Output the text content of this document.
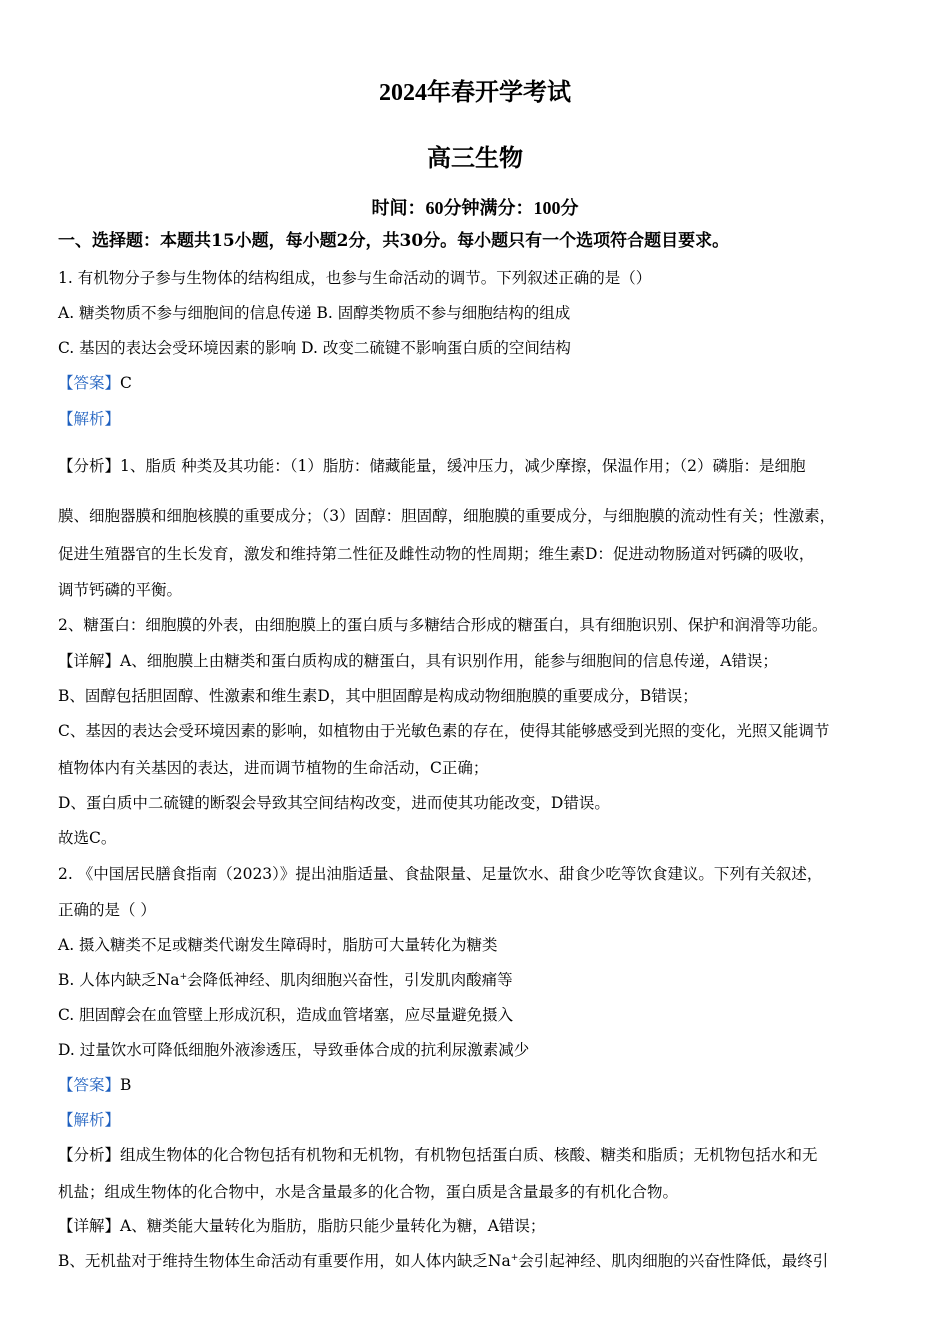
2024年春开学考试
高三生物
时间：60分钟满分：100分
一、选择题：本题共15小题，每小题2分，共30分。每小题只有一个选项符合题目要求。
1. 有机物分子参与生物体的结构组成，也参与生命活动的调节。下列叙述正确的是（）
A. 糖类物质不参与细胞间的信息传递 B. 固醇类物质不参与细胞结构的组成
C. 基因的表达会受环境因素的影响 D. 改变二硫键不影响蛋白质的空间结构
【答案】C
【解析】
【分析】1、脂质 种类及其功能：（1）脂肪：储藏能量，缓冲压力，减少摩擦，保温作用；（2）磷脂：是细胞
膜、细胞器膜和细胞核膜的重要成分；（3）固醇：胆固醇，细胞膜的重要成分，与细胞膜的流动性有关；性激素，
促进生殖器官的生长发育，激发和维持第二性征及雌性动物的性周期；维生素D：促进动物肠道对钙磷的吸收，
调节钙磷的平衡。
2、糖蛋白：细胞膜的外表，由细胞膜上的蛋白质与多糖结合形成的糖蛋白，具有细胞识别、保护和润滑等功能。
【详解】A、细胞膜上由糖类和蛋白质构成的糖蛋白，具有识别作用，能参与细胞间的信息传递，A错误；
B、固醇包括胆固醇、性激素和维生素D，其中胆固醇是构成动物细胞膜的重要成分，B错误；
C、基因的表达会受环境因素的影响，如植物由于光敏色素的存在，使得其能够感受到光照的变化，光照又能调节
植物体内有关基因的表达，进而调节植物的生命活动，C正确；
D、蛋白质中二硫键的断裂会导致其空间结构改变，进而使其功能改变，D错误。
故选C。
2. 《中国居民膳食指南（2023）》提出油脂适量、食盐限量、足量饮水、甜食少吃等饮食建议。下列有关叙述，
正确的是（ ）
A. 摄入糖类不足或糖类代谢发生障碍时，脂肪可大量转化为糖类
B. 人体内缺乏Na+会降低神经、肌肉细胞兴奋性，引发肌肉酸痛等
C. 胆固醇会在血管壁上形成沉积，造成血管堵塞，应尽量避免摄入
D. 过量饮水可降低细胞外液渗透压，导致垂体合成的抗利尿激素减少
【答案】B
【解析】
【分析】组成生物体的化合物包括有机物和无机物，有机物包括蛋白质、核酸、糖类和脂质；无机物包括水和无
机盐；组成生物体的化合物中，水是含量最多的化合物，蛋白质是含量最多的有机化合物。
【详解】A、糖类能大量转化为脂肪，脂肪只能少量转化为糖，A错误；
B、无机盐对于维持生物体生命活动有重要作用，如人体内缺乏Na+会引起神经、肌肉细胞的兴奋性降低，最终引
